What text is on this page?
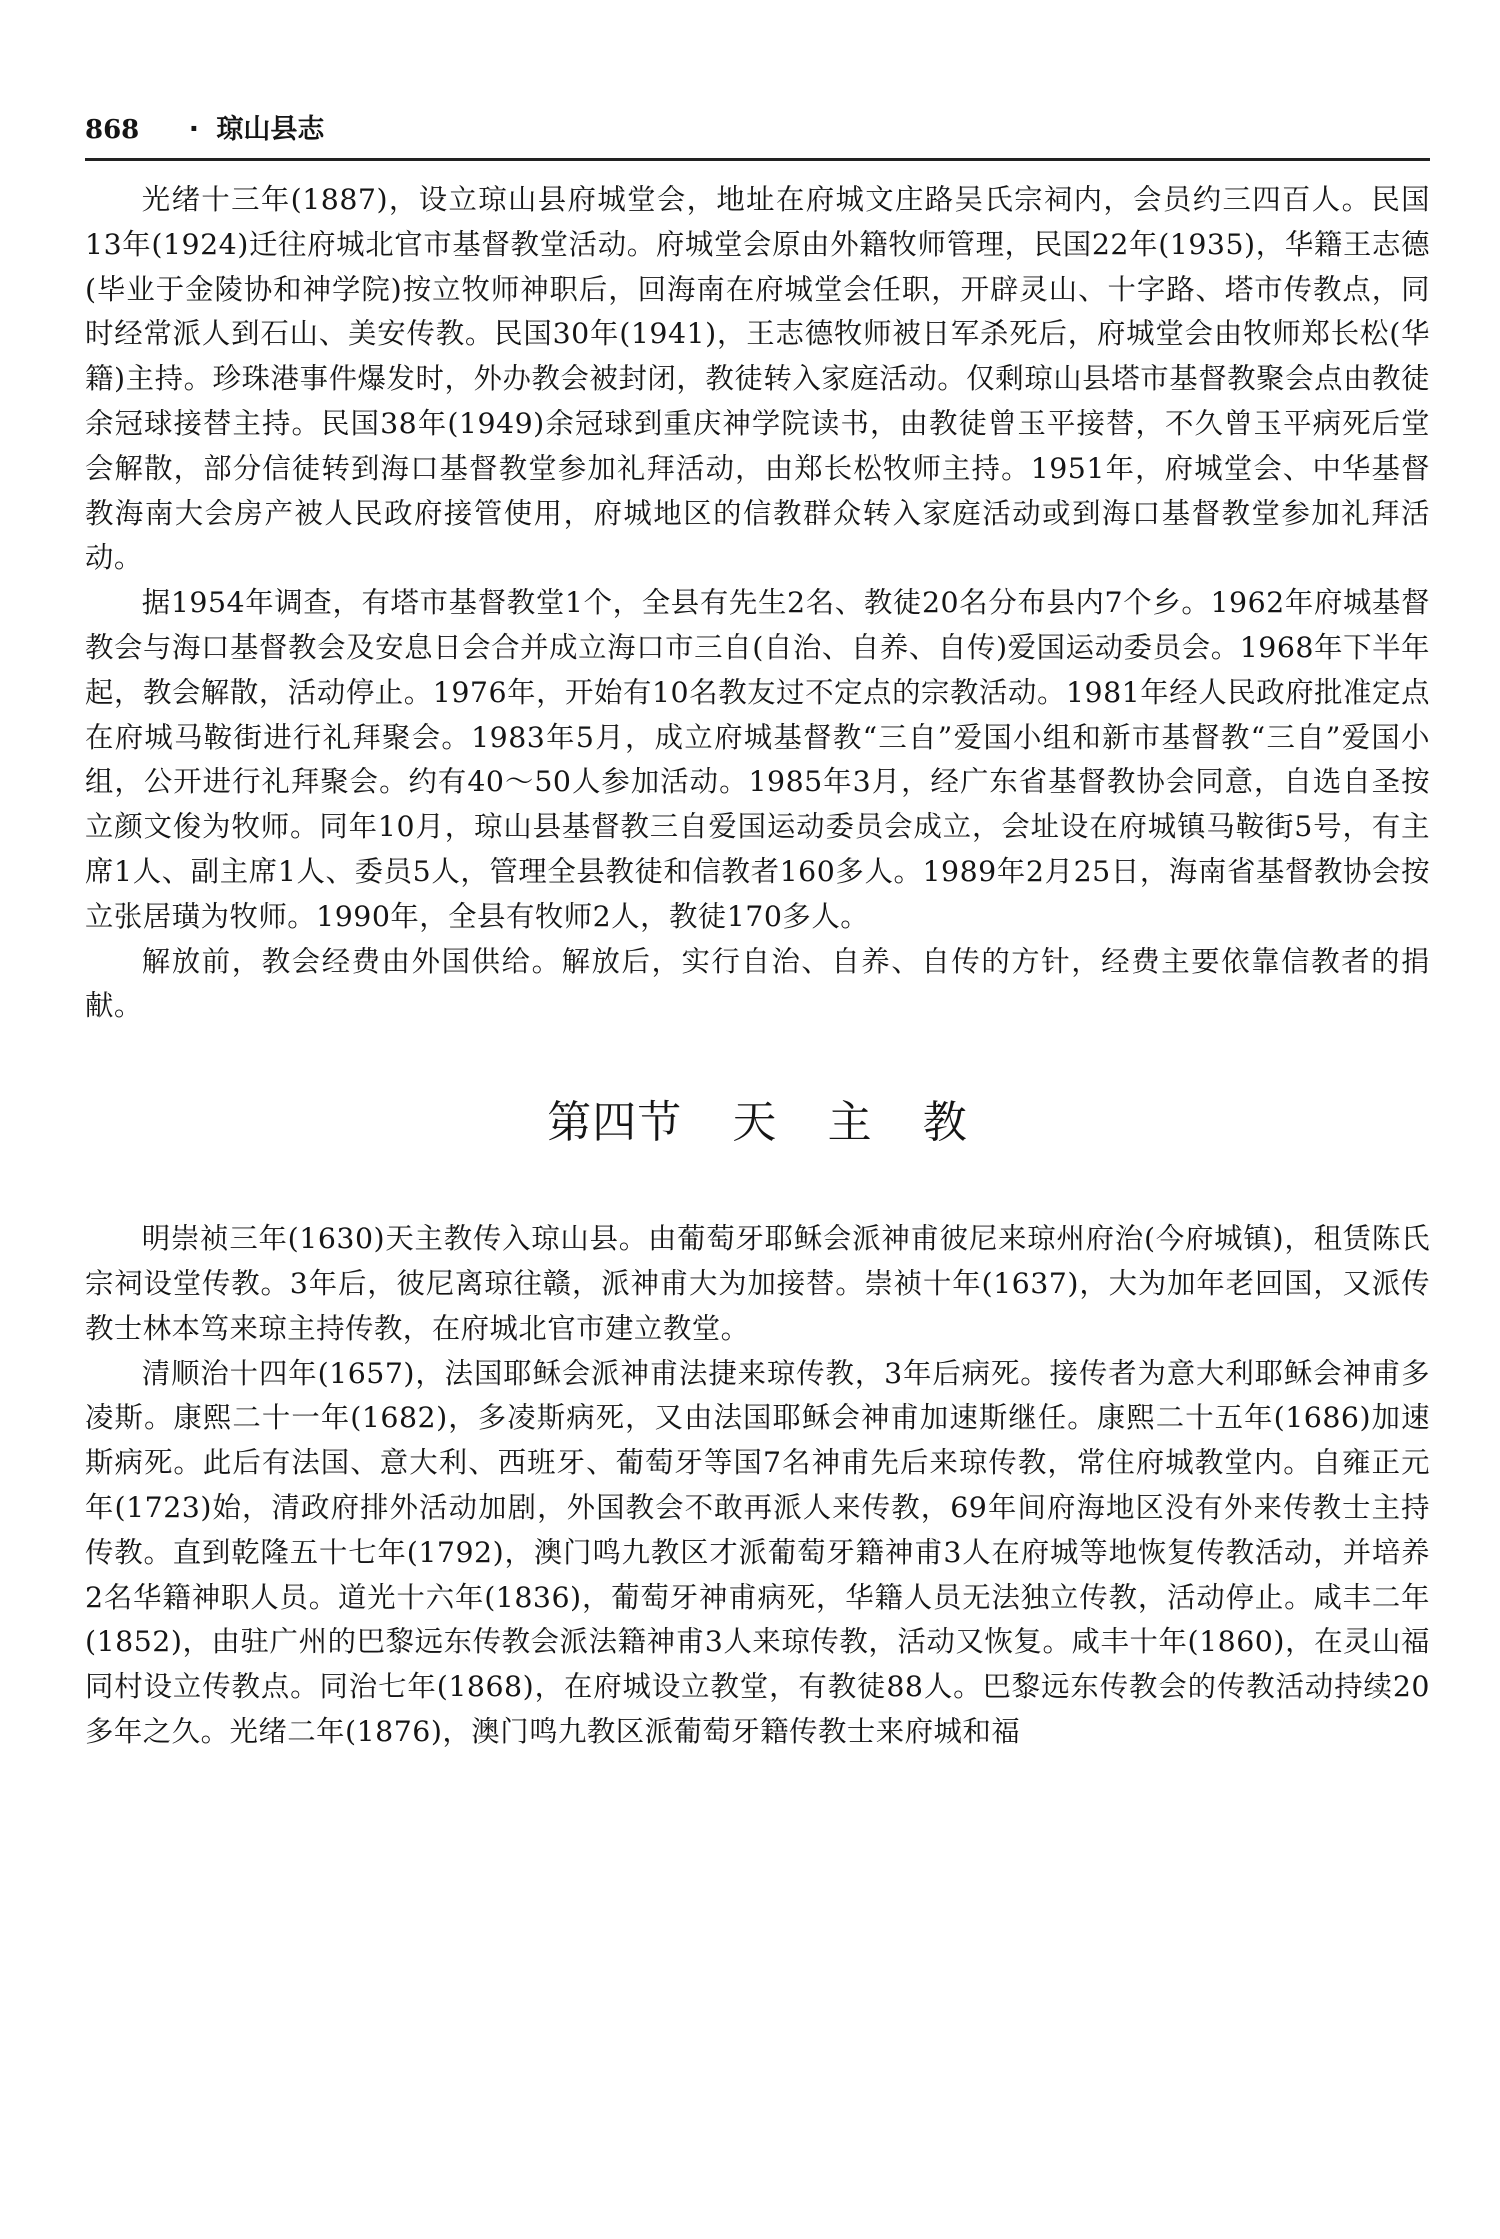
868 · 琼山县志

光绪十三年(1887)，设立琼山县府城堂会，地址在府城文庄路吴氏宗祠内，会员约三四百人。民国13年(1924)迁往府城北官市基督教堂活动。府城堂会原由外籍牧师管理，民国22年(1935)，华籍王志德(毕业于金陵协和神学院)按立牧师神职后，回海南在府城堂会任职，开辟灵山、十字路、塔市传教点，同时经常派人到石山、美安传教。民国30年(1941)，王志德牧师被日军杀死后，府城堂会由牧师郑长松(华籍)主持。珍珠港事件爆发时，外办教会被封闭，教徒转入家庭活动。仅剩琼山县塔市基督教聚会点由教徒余冠球接替主持。民国38年(1949)余冠球到重庆神学院读书，由教徒曾玉平接替，不久曾玉平病死后堂会解散，部分信徒转到海口基督教堂参加礼拜活动，由郑长松牧师主持。1951年，府城堂会、中华基督教海南大会房产被人民政府接管使用，府城地区的信教群众转入家庭活动或到海口基督教堂参加礼拜活动。

据1954年调查，有塔市基督教堂1个，全县有先生2名、教徒20名分布县内7个乡。1962年府城基督教会与海口基督教会及安息日会合并成立海口市三自(自治、自养、自传)爱国运动委员会。1968年下半年起，教会解散，活动停止。1976年，开始有10名教友过不定点的宗教活动。1981年经人民政府批准定点在府城马鞍街进行礼拜聚会。1983年5月，成立府城基督教“三自”爱国小组和新市基督教“三自”爱国小组，公开进行礼拜聚会。约有40～50人参加活动。1985年3月，经广东省基督教协会同意，自选自圣按立颜文俊为牧师。同年10月，琼山县基督教三自爱国运动委员会成立，会址设在府城镇马鞍街5号，有主席1人、副主席1人、委员5人，管理全县教徒和信教者160多人。1989年2月25日，海南省基督教协会按立张居璜为牧师。1990年，全县有牧师2人，教徒170多人。

解放前，教会经费由外国供给。解放后，实行自治、自养、自传的方针，经费主要依靠信教者的捐献。

第四节 天 主 教

明崇祯三年(1630)天主教传入琼山县。由葡萄牙耶稣会派神甫彼尼来琼州府治(今府城镇)，租赁陈氏宗祠设堂传教。3年后，彼尼离琼往赣，派神甫大为加接替。崇祯十年(1637)，大为加年老回国，又派传教士林本笃来琼主持传教，在府城北官市建立教堂。

清顺治十四年(1657)，法国耶稣会派神甫法捷来琼传教，3年后病死。接传者为意大利耶稣会神甫多凌斯。康熙二十一年(1682)，多凌斯病死，又由法国耶稣会神甫加速斯继任。康熙二十五年(1686)加速斯病死。此后有法国、意大利、西班牙、葡萄牙等国7名神甫先后来琼传教，常住府城教堂内。自雍正元年(1723)始，清政府排外活动加剧，外国教会不敢再派人来传教，69年间府海地区没有外来传教士主持传教。直到乾隆五十七年(1792)，澳门鸣九教区才派葡萄牙籍神甫3人在府城等地恢复传教活动，并培养2名华籍神职人员。道光十六年(1836)，葡萄牙神甫病死，华籍人员无法独立传教，活动停止。咸丰二年(1852)，由驻广州的巴黎远东传教会派法籍神甫3人来琼传教，活动又恢复。咸丰十年(1860)，在灵山福同村设立传教点。同治七年(1868)，在府城设立教堂，有教徒88人。巴黎远东传教会的传教活动持续20多年之久。光绪二年(1876)，澳门鸣九教区派葡萄牙籍传教士来府城和福
